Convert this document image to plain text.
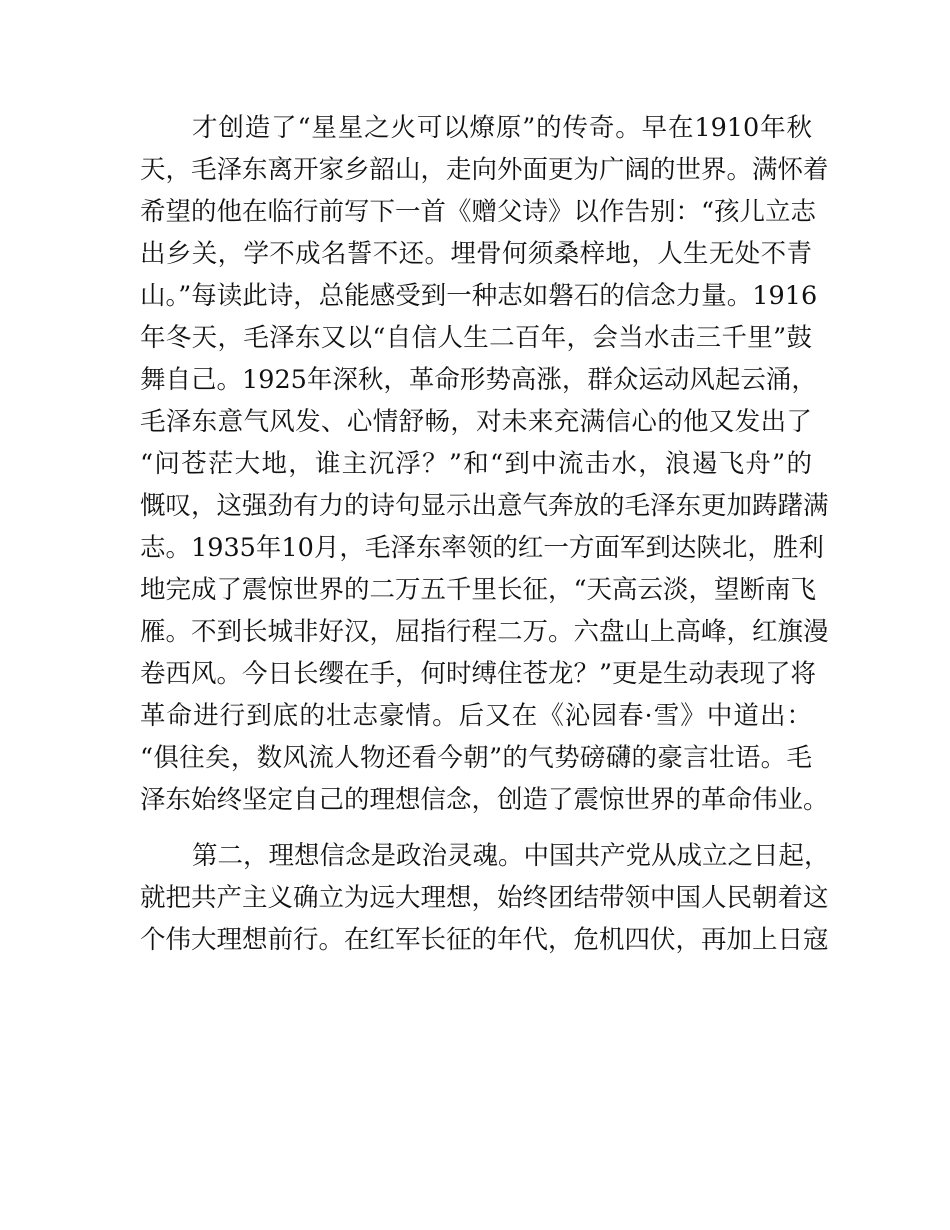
才创造了“星星之火可以燎原”的传奇。早在1910年秋
天，毛泽东离开家乡韶山，走向外面更为广阔的世界。满怀着
希望的他在临行前写下一首《赠父诗》以作告别：“孩儿立志
出乡关，学不成名誓不还。埋骨何须桑梓地，人生无处不青
山。”每读此诗，总能感受到一种志如磐石的信念力量。1916
年冬天，毛泽东又以“自信人生二百年，会当水击三千里”鼓
舞自己。1925年深秋，革命形势高涨，群众运动风起云涌，
毛泽东意气风发、心情舒畅，对未来充满信心的他又发出了
“问苍茫大地，谁主沉浮？”和“到中流击水，浪遏飞舟”的
慨叹，这强劲有力的诗句显示出意气奔放的毛泽东更加踌躇满
志。1935年10月，毛泽东率领的红一方面军到达陕北，胜利
地完成了震惊世界的二万五千里长征，“天高云淡，望断南飞
雁。不到长城非好汉，屈指行程二万。六盘山上高峰，红旗漫
卷西风。今日长缨在手，何时缚住苍龙？”更是生动表现了将
革命进行到底的壮志豪情。后又在《沁园春·雪》中道出：
“俱往矣，数风流人物还看今朝”的气势磅礴的豪言壮语。毛
泽东始终坚定自己的理想信念，创造了震惊世界的革命伟业。
第二，理想信念是政治灵魂。中国共产党从成立之日起，
就把共产主义确立为远大理想，始终团结带领中国人民朝着这
个伟大理想前行。在红军长征的年代，危机四伏，再加上日寇
